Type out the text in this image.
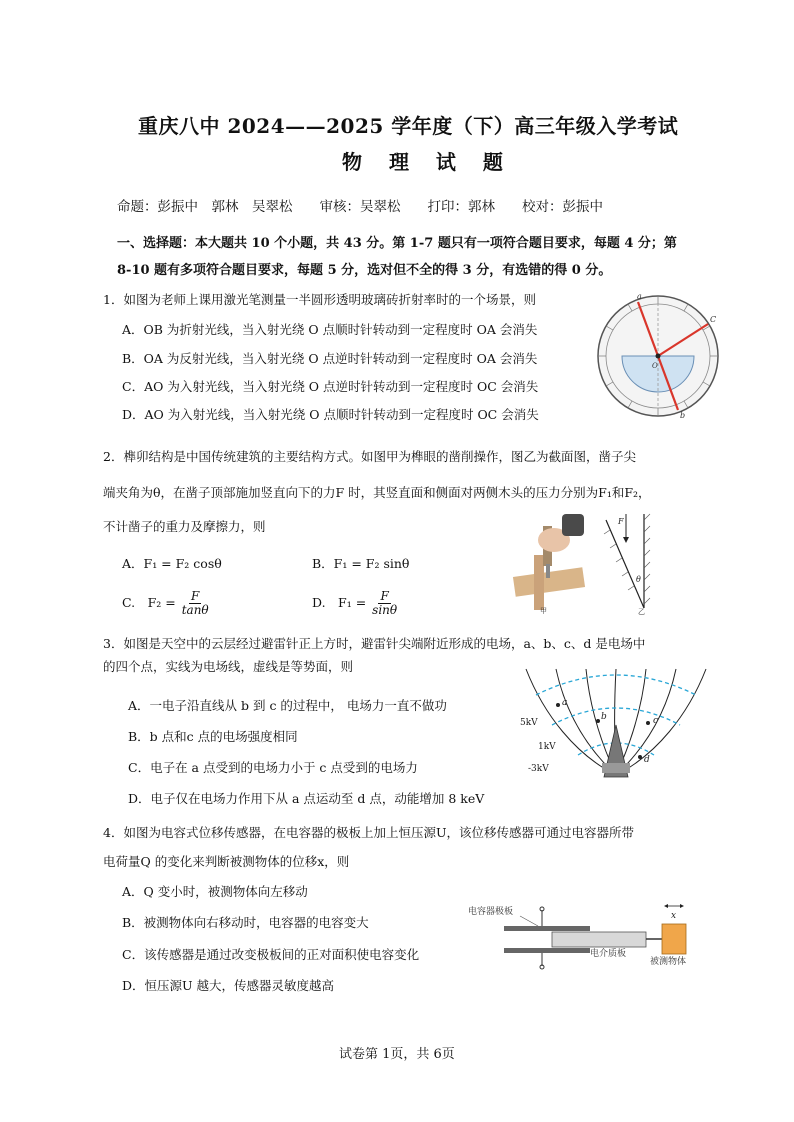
重庆八中 2024——2025 学年度（下）高三年级入学考试
物 理 试 题
命题：彭振中　郭林　吴翠松　　审核：吴翠松　　打印：郭林　　校对：彭振中
一、选择题：本大题共 10 个小题，共 43 分。第 1-7 题只有一项符合题目要求，每题 4 分；第
8-10 题有多项符合题目要求，每题 5 分，选对但不全的得 3 分，有选错的得 0 分。
1．如图为老师上课用激光笔测量一半圆形透明玻璃砖折射率时的一个场景，则
A．OB 为折射光线，当入射光绕 O 点顺时针转动到一定程度时 OA 会消失
B．OA 为反射光线，当入射光绕 O 点逆时针转动到一定程度时 OA 会消失
C．AO 为入射光线，当入射光绕 O 点逆时针转动到一定程度时 OC 会消失
D．AO 为入射光线，当入射光绕 O 点顺时针转动到一定程度时 OC 会消失
a
C
b
O
2．榫卯结构是中国传统建筑的主要结构方式。如图甲为榫眼的凿削操作，图乙为截面图，凿子尖
端夹角为θ，在凿子顶部施加竖直向下的力F 时，其竖直面和侧面对两侧木头的压力分别为F₁和F₂，
不计凿子的重力及摩擦力，则
A．F₁ = F₂ cosθ	B．F₁ = F₂ sinθ
C.　$F_2 = \frac{F}{\tan\theta}$	D.　$F_1 = \frac{F}{\sin\theta}$	甲
F
θ
乙
3．如图是天空中的云层经过避雷针正上方时，避雷针尖端附近形成的电场，a、b、c、d 是电场中
的四个点，实线为电场线，虚线是等势面，则
A．一电子沿直线从 b 到 c 的过程中， 电场力一直不做功
B．b 点和c 点的电场强度相同
C．电子在 a 点受到的电场力小于 c 点受到的电场力
D．电子仅在电场力作用下从 a 点运动至 d 点，动能增加 8 keV
a
b	c
d
5kV
1kV
-3kV
4．如图为电容式位移传感器，在电容器的极板上加上恒压源U，该位移传感器可通过电容器所带
电荷量Q 的变化来判断被测物体的位移x，则
A．Q 变小时，被测物体向左移动
B．被测物体向右移动时，电容器的电容变大
C．该传感器是通过改变极板间的正对面积使电容变化
D．恒压源U 越大，传感器灵敏度越高
电容器极板
电介质板
被测物体
x
试卷第 1页，共 6页
